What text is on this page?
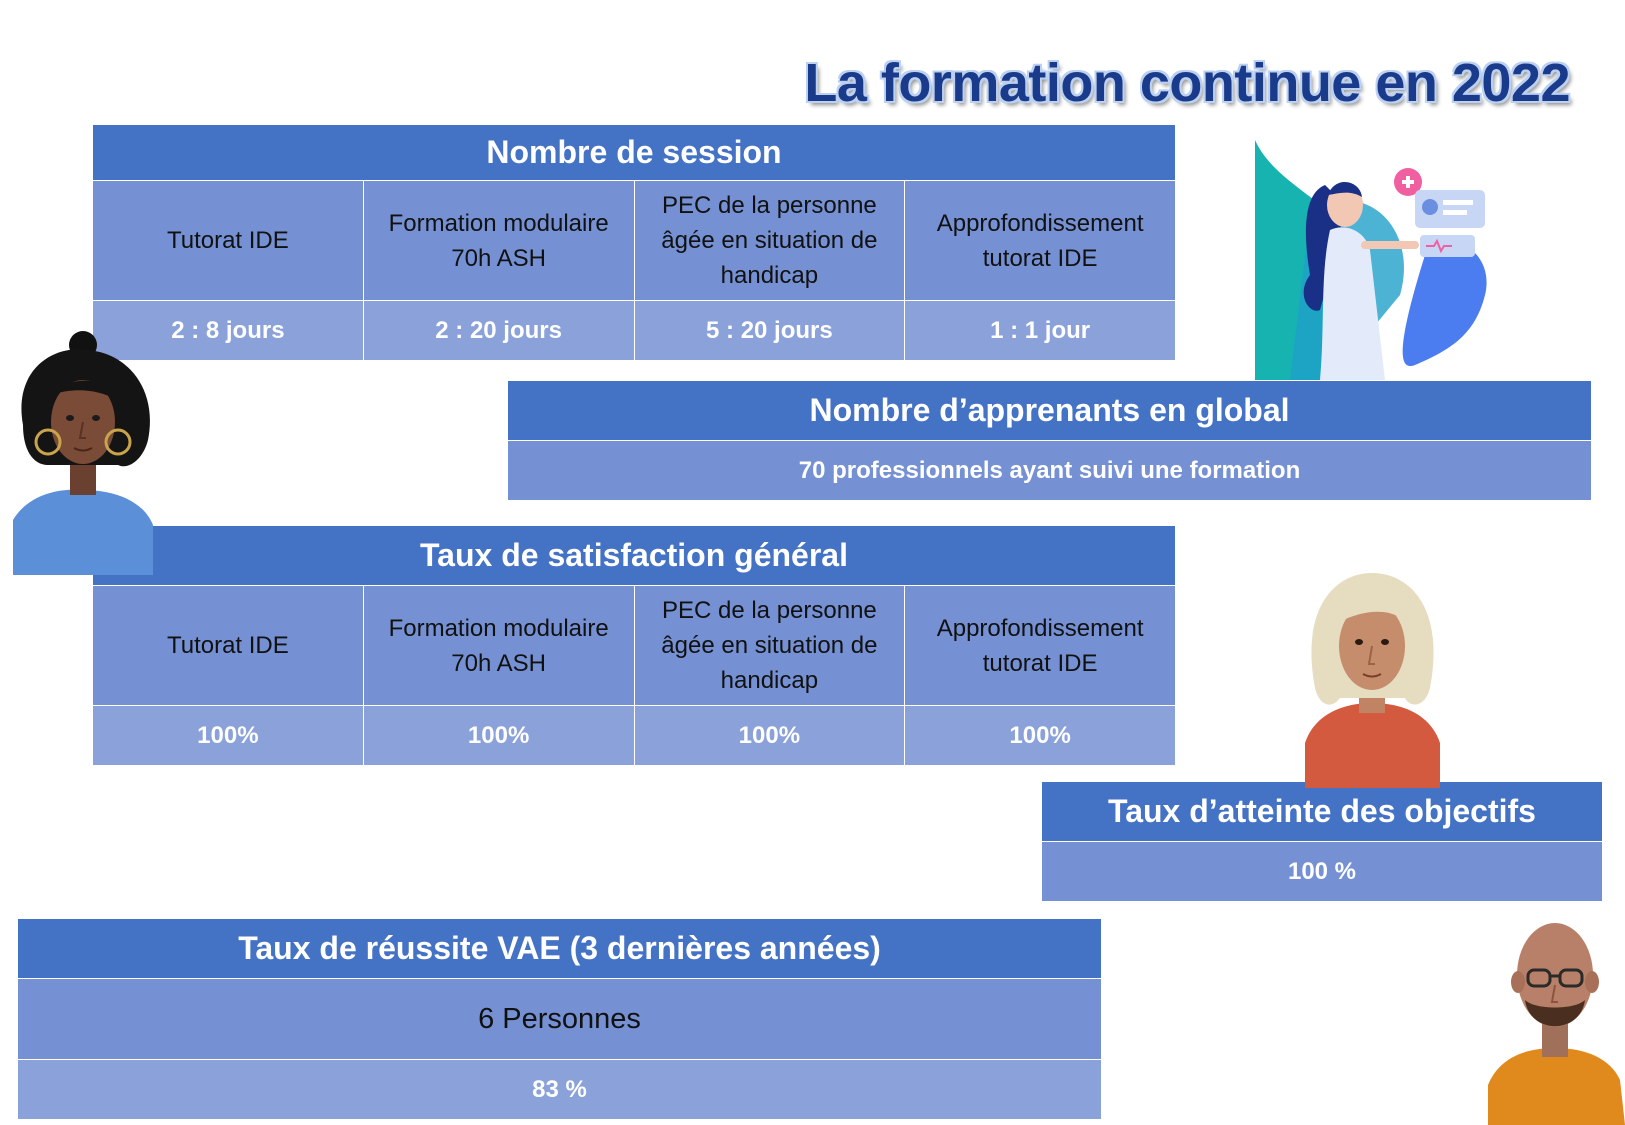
La formation continue en 2022
Nombre de session			
Tutorat IDE	Formation modulaire 70h ASH	PEC de la personne âgée en situation de handicap	Approfondissement tutorat IDE
2 : 8 jours	2 : 20 jours	5 : 20 jours	1 : 1 jour
Nombre d’apprenants en global
70 professionnels ayant suivi une formation
Taux de satisfaction général			
Tutorat IDE	Formation modulaire 70h ASH	PEC de la personne âgée en situation de handicap	Approfondissement tutorat IDE
100%	100%	100%	100%
Taux d’atteinte des objectifs
100 %
Taux de réussite VAE (3 dernières années)
6 Personnes
83 %
